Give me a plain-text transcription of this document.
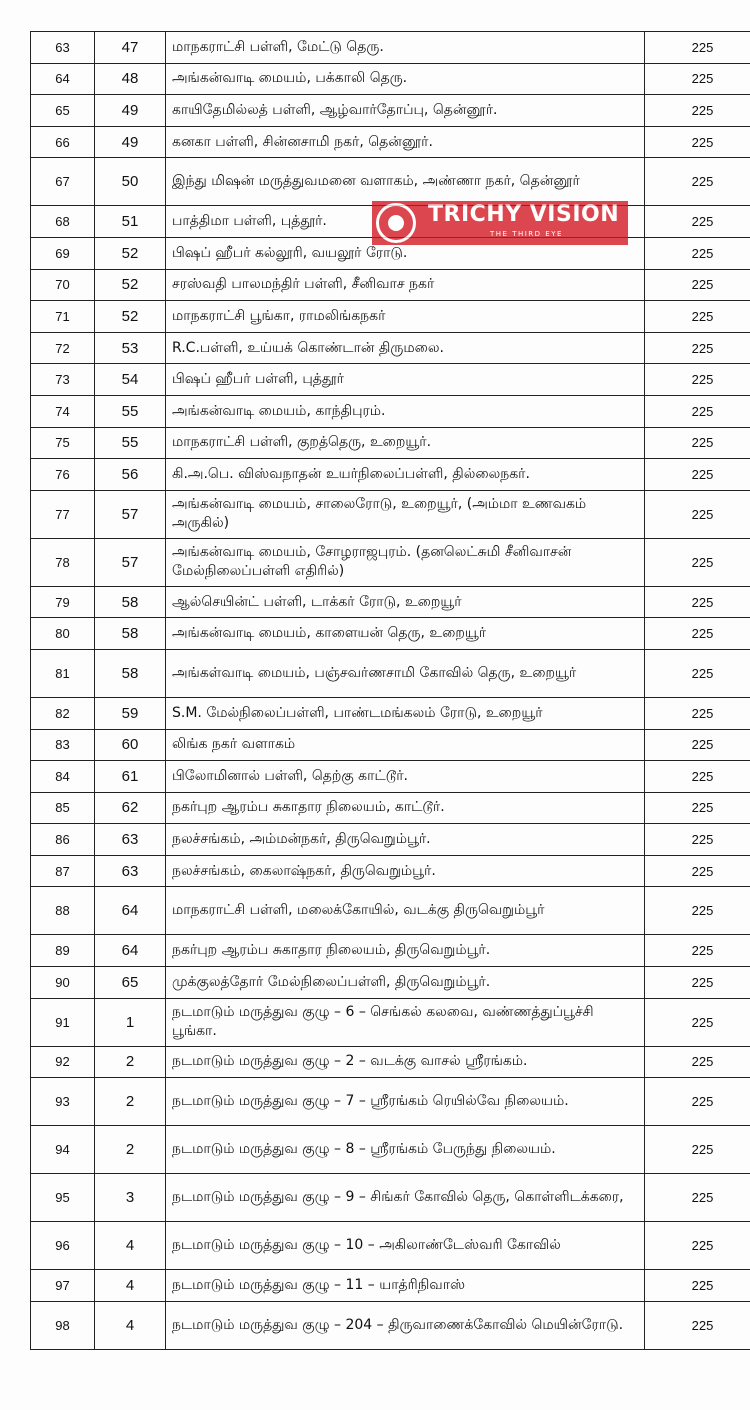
63	47	மாநகராட்சி பள்ளி, மேட்டு தெரு.	225
64	48	அங்கன்வாடி மையம், பக்காலி தெரு.	225
65	49	காயிதேமில்லத் பள்ளி, ஆழ்வார்தோப்பு, தென்னூர்.	225
66	49	கனகா பள்ளி, சின்னசாமி நகர், தென்னூர்.	225
67	50	இந்து மிஷன் மருத்துவமனை வளாகம், அண்ணா நகர், தென்னூர்	225
68	51	பாத்திமா பள்ளி, புத்தூர்.	225
69	52	பிஷப் ஹீபர் கல்லூரி, வயலூர் ரோடு.	225
70	52	சரஸ்வதி பாலமந்திர் பள்ளி, சீனிவாச நகர்	225
71	52	மாநகராட்சி பூங்கா, ராமலிங்கநகர்	225
72	53	R.C.பள்ளி, உய்யக் கொண்டான் திருமலை.	225
73	54	பிஷப் ஹீபர் பள்ளி, புத்தூர்	225
74	55	அங்கன்வாடி மையம், காந்திபுரம்.	225
75	55	மாநகராட்சி பள்ளி, குறத்தெரு, உறையூர்.	225
76	56	கி.அ.பெ. விஸ்வநாதன் உயர்நிலைப்பள்ளி, தில்லைநகர்.	225
77	57	அங்கன்வாடி மையம், சாலைரோடு, உறையூர், (அம்மா உணவகம் அருகில்)	225
78	57	அங்கன்வாடி மையம், சோழராஜபுரம். (தனலெட்சுமி சீனிவாசன் மேல்நிலைப்பள்ளி எதிரில்)	225
79	58	ஆல்செயின்ட் பள்ளி, டாக்கர் ரோடு, உறையூர்	225
80	58	அங்கன்வாடி மையம், காளையன் தெரு, உறையூர்	225
81	58	அங்கள்வாடி மையம், பஞ்சவர்ணசாமி கோவில் தெரு, உறையூர்	225
82	59	S.M. மேல்நிலைப்பள்ளி, பாண்டமங்கலம் ரோடு, உறையூர்	225
83	60	லிங்க நகர் வளாகம்	225
84	61	பிலோமினால் பள்ளி, தெற்கு காட்டூர்.	225
85	62	நகர்புற ஆரம்ப சுகாதார நிலையம், காட்டூர்.	225
86	63	நலச்சங்கம், அம்மன்நகர், திருவெறும்பூர்.	225
87	63	நலச்சங்கம், கைலாஷ்நகர், திருவெறும்பூர்.	225
88	64	மாநகராட்சி பள்ளி, மலைக்கோயில், வடக்கு திருவெறும்பூர்	225
89	64	நகர்புற ஆரம்ப சுகாதார நிலையம், திருவெறும்பூர்.	225
90	65	முக்குலத்தோர் மேல்நிலைப்பள்ளி, திருவெறும்பூர்.	225
91	1	நடமாடும் மருத்துவ குழு – 6 – செங்கல் கலவை, வண்ணத்துப்பூச்சி பூங்கா.	225
92	2	நடமாடும் மருத்துவ குழு – 2 – வடக்கு வாசல் ஸ்ரீரங்கம்.	225
93	2	நடமாடும் மருத்துவ குழு – 7 – ஸ்ரீரங்கம் ரெயில்வே நிலையம்.	225
94	2	நடமாடும் மருத்துவ குழு – 8 – ஸ்ரீரங்கம் பேருந்து நிலையம்.	225
95	3	நடமாடும் மருத்துவ குழு – 9 – சிங்கர் கோவில் தெரு, கொள்ளிடக்கரை,	225
96	4	நடமாடும் மருத்துவ குழு – 10 – அகிலாண்டேஸ்வரி கோவில்	225
97	4	நடமாடும் மருத்துவ குழு – 11 – யாத்ரிநிவாஸ்	225
98	4	நடமாடும் மருத்துவ குழு – 204 – திருவாணைக்கோவில் மெயின்ரோடு.	225
TRICHY VISION
THE THIRD EYE
